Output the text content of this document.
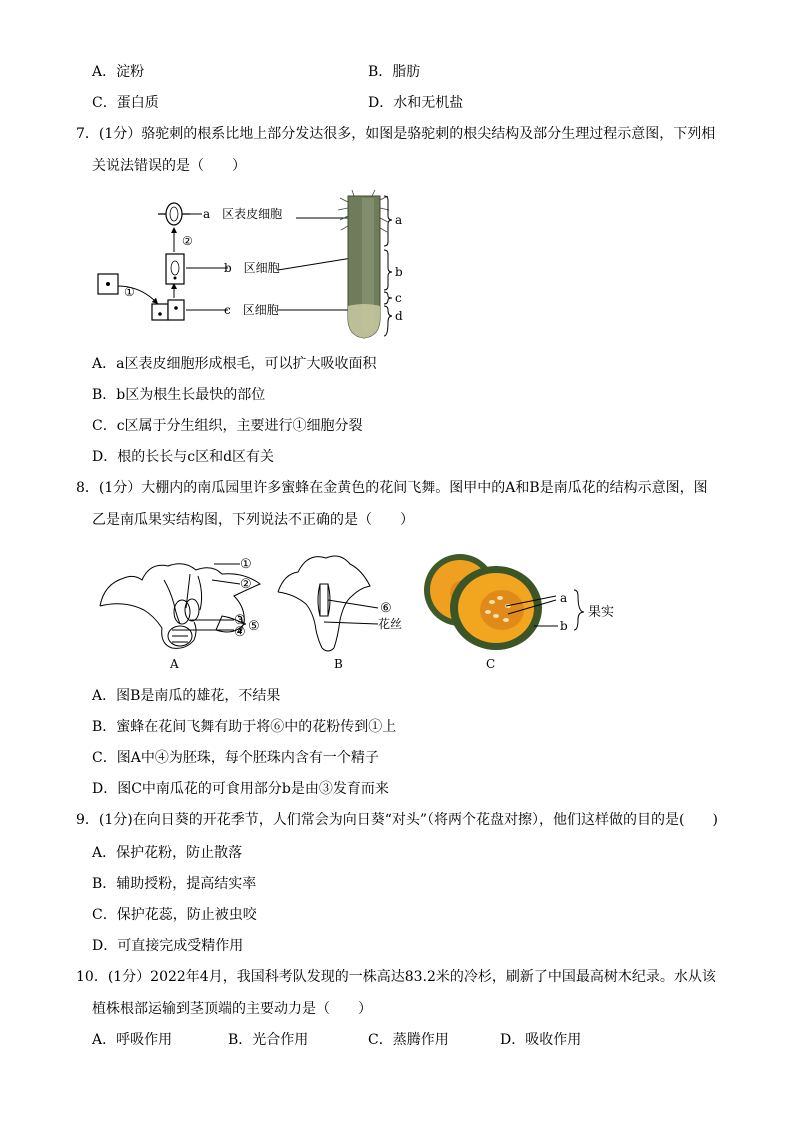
A．淀粉	B．脂肪
C．蛋白质	D．水和无机盐
7．(1分）骆驼刺的根系比地上部分发达很多，如图是骆驼刺的根尖结构及部分生理过程示意图，下列相
关说法错误的是（　　）
②
①
a　区表皮细胞
b　区细胞
c　区细胞
a
b
c
d
A．a区表皮细胞形成根毛，可以扩大吸收面积
B．b区为根生长最快的部位
C．c区属于分生组织，主要进行①细胞分裂
D．根的长长与c区和d区有关
8．(1分）大棚内的南瓜园里许多蜜蜂在金黄色的花间飞舞。图甲中的A和B是南瓜花的结构示意图，图
乙是南瓜果实结构图，下列说法不正确的是（　　）
①
②
③
④ ⑤
A
⑥
花丝
B
a
b
果实
C
A．图B是南瓜的雄花，不结果
B．蜜蜂在花间飞舞有助于将⑥中的花粉传到①上
C．图A中④为胚珠，每个胚珠内含有一个精子
D．图C中南瓜花的可食用部分b是由③发育而来
9．(1分)在向日葵的开花季节，人们常会为向日葵“对头”（将两个花盘对擦），他们这样做的目的是(　　)
A．保护花粉，防止散落
B．辅助授粉，提高结实率
C．保护花蕊，防止被虫咬
D．可直接完成受精作用
10．(1分）2022年4月，我国科考队发现的一株高达83.2米的冷杉，刷新了中国最高树木纪录。水从该
植株根部运输到茎顶端的主要动力是（　　）
A．呼吸作用	B．光合作用	C．蒸腾作用	D．吸收作用
